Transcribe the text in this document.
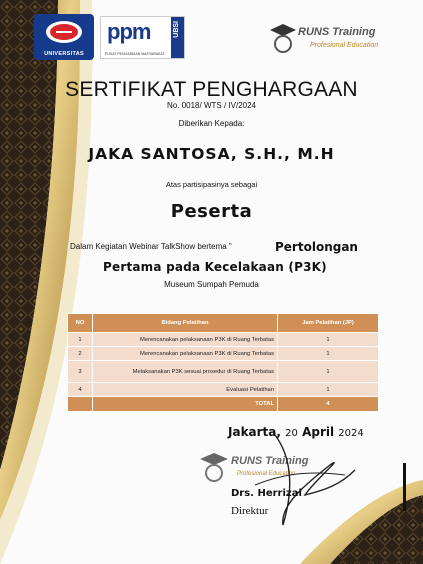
UNIVERSITAS
ppm
PUSAT PENGABDIAN MASYARAKAT
UBSI	RUNS Training
Profesional Education
SERTIFIKAT PENGHARGAAN
No. 0018/ WTS / IV/2024
Diberikan Kepada:
JAKA SANTOSA, S.H., M.H
Atas partisipasinya sebagai
Peserta
Dalam Kegiatan Webinar TalkShow bertema "	Pertolongan
Pertama pada Kecelakaan (P3K)
Museum Sumpah Pemuda
NO	Bidang Pelatihan	Jam Pelatihan (JP)
1	Merencanakan pelaksanaan P3K di Ruang Terbatas	1
2	Merencanakan pelaksanaan P3K di Ruang Terbatas	1
3	Melaksanakan P3K sesuai prosedur di Ruang Terbatas	1
4	Evaluasi Pelatihan	1
	TOTAL	4
Jakarta, 20 April 2024
RUNS Training
Profesional Education
Drs. Herrizal
Direktur
